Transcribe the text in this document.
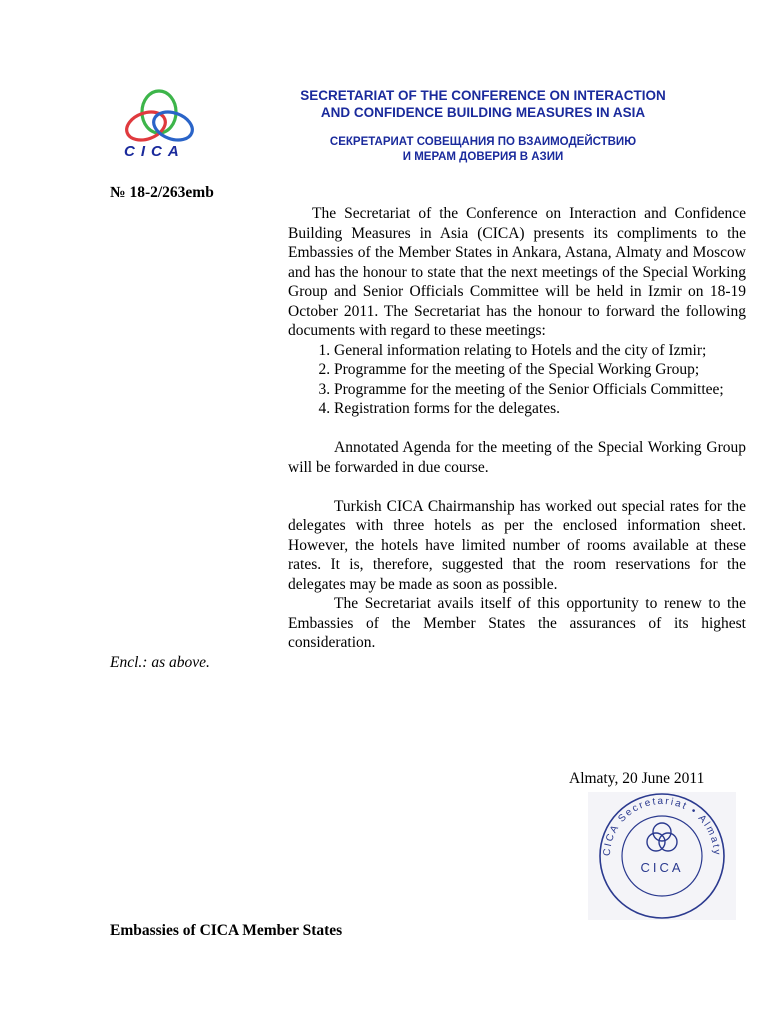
CICA
SECRETARIAT OF THE CONFERENCE ON INTERACTION
AND CONFIDENCE BUILDING MEASURES IN ASIA
СЕКРЕТАРИАТ СОВЕЩАНИЯ ПО ВЗАИМОДЕЙСТВИЮ
И МЕРАМ ДОВЕРИЯ В АЗИИ
№ 18-2/263emb

The Secretariat of the Conference on Interaction and Confidence Building Measures in Asia (CICA) presents its compliments to the Embassies of the Member States in Ankara, Astana, Almaty and Moscow and has the honour to state that the next meetings of the Special Working Group and Senior Officials Committee will be held in Izmir on 18-19 October 2011. The Secretariat has the honour to forward the following documents with regard to these meetings:

1. General information relating to Hotels and the city of Izmir;
2. Programme for the meeting of the Special Working Group;
3. Programme for the meeting of the Senior Officials Committee;
4. Registration forms for the delegates.

Annotated Agenda for the meeting of the Special Working Group will be forwarded in due course.

Turkish CICA Chairmanship has worked out special rates for the delegates with three hotels as per the enclosed information sheet. However, the hotels have limited number of rooms available at these rates. It is, therefore, suggested that the room reservations for the delegates may be made as soon as possible.

The Secretariat avails itself of this opportunity to renew to the Embassies of the Member States the assurances of its highest consideration.

Encl.: as above.
Almaty, 20 June 2011
CICA Secretariat • Almaty
CICA
Embassies of CICA Member States
